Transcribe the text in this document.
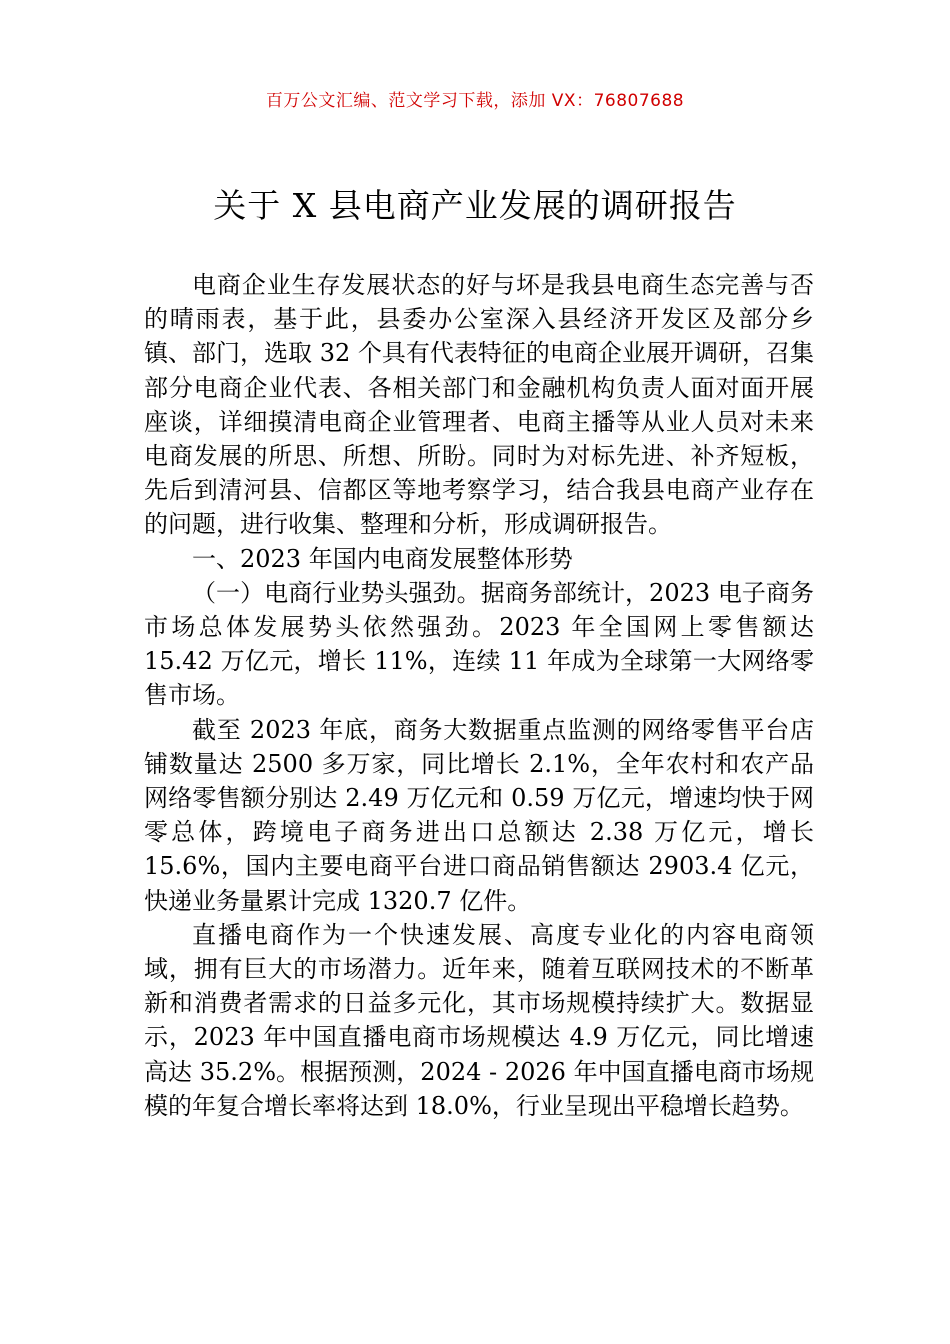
百万公文汇编、范文学习下载，添加 VX：76807688
关于 X 县电商产业发展的调研报告

电商企业生存发展状态的好与坏是我县电商生态完善与否的晴雨表，基于此，县委办公室深入县经济开发区及部分乡镇、部门，选取 32 个具有代表特征的电商企业展开调研，召集部分电商企业代表、各相关部门和金融机构负责人面对面开展座谈，详细摸清电商企业管理者、电商主播等从业人员对未来电商发展的所思、所想、所盼。同时为对标先进、补齐短板，先后到清河县、信都区等地考察学习，结合我县电商产业存在的问题，进行收集、整理和分析，形成调研报告。

一、2023 年国内电商发展整体形势

（一）电商行业势头强劲。据商务部统计，2023 电子商务市场总体发展势头依然强劲。2023 年全国网上零售额达 15.42 万亿元，增长 11%，连续 11 年成为全球第一大网络零售市场。

截至 2023 年底，商务大数据重点监测的网络零售平台店铺数量达 2500 多万家，同比增长 2.1%，全年农村和农产品网络零售额分别达 2.49 万亿元和 0.59 万亿元，增速均快于网零总体，跨境电子商务进出口总额达 2.38 万亿元，增长 15.6%，国内主要电商平台进口商品销售额达 2903.4 亿元，快递业务量累计完成 1320.7 亿件。

直播电商作为一个快速发展、高度专业化的内容电商领域，拥有巨大的市场潜力。近年来，随着互联网技术的不断革新和消费者需求的日益多元化，其市场规模持续扩大。数据显示，2023 年中国直播电商市场规模达 4.9 万亿元，同比增速高达 35.2%。根据预测，2024 - 2026 年中国直播电商市场规模的年复合增长率将达到 18.0%，行业呈现出平稳增长趋势。
